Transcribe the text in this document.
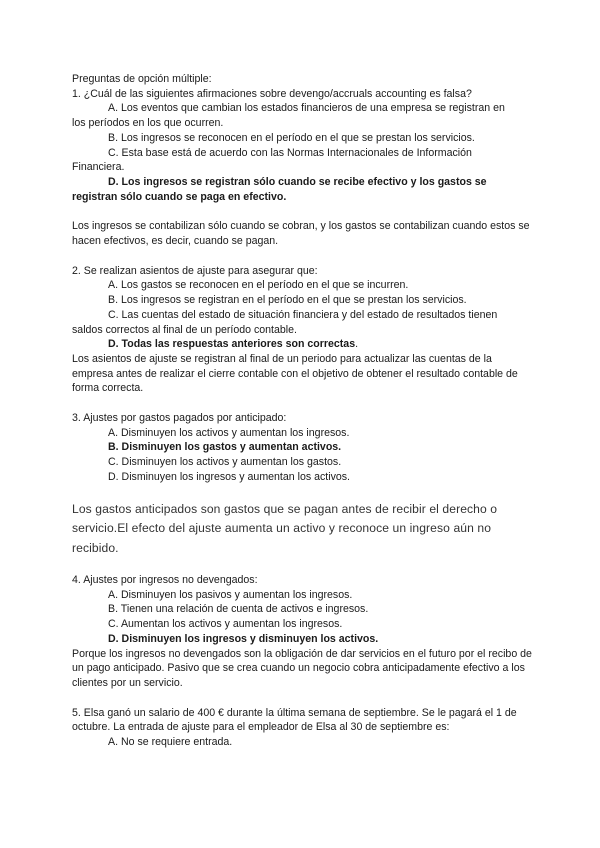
Preguntas de opción múltiple:

1. ¿Cuál de las siguientes afirmaciones sobre devengo/accruals accounting es falsa?

A. Los eventos que cambian los estados financieros de una empresa se registran en

los períodos en los que ocurren.

B. Los ingresos se reconocen en el período en el que se prestan los servicios.

C. Esta base está de acuerdo con las Normas Internacionales de Información

Financiera.

D. Los ingresos se registran sólo cuando se recibe efectivo y los gastos se

registran sólo cuando se paga en efectivo.

Los ingresos se contabilizan sólo cuando se cobran, y los gastos se contabilizan cuando estos se hacen efectivos, es decir, cuando se pagan.

2. Se realizan asientos de ajuste para asegurar que:

A. Los gastos se reconocen en el período en el que se incurren.

B. Los ingresos se registran en el período en el que se prestan los servicios.

C. Las cuentas del estado de situación financiera y del estado de resultados tienen

saldos correctos al final de un período contable.

D. Todas las respuestas anteriores son correctas.

Los asientos de ajuste se registran al final de un periodo para actualizar las cuentas de la empresa antes de realizar el cierre contable con el objetivo de obtener el resultado contable de forma correcta.

3. Ajustes por gastos pagados por anticipado:

A. Disminuyen los activos y aumentan los ingresos.

B. Disminuyen los gastos y aumentan activos.

C. Disminuyen los activos y aumentan los gastos.

D. Disminuyen los ingresos y aumentan los activos.

Los gastos anticipados son gastos que se pagan antes de recibir el derecho o servicio.El efecto del ajuste aumenta un activo y reconoce un ingreso aún no recibido.

4. Ajustes por ingresos no devengados:

A. Disminuyen los pasivos y aumentan los ingresos.

B. Tienen una relación de cuenta de activos e ingresos.

C. Aumentan los activos y aumentan los ingresos.

D. Disminuyen los ingresos y disminuyen los activos.

Porque los ingresos no devengados son la obligación de dar servicios en el futuro por el recibo de un pago anticipado. Pasivo que se crea cuando un negocio cobra anticipadamente efectivo a los clientes por un servicio.

5. Elsa ganó un salario de 400 € durante la última semana de septiembre. Se le pagará el 1 de octubre. La entrada de ajuste para el empleador de Elsa al 30 de septiembre es:

A. No se requiere entrada.
